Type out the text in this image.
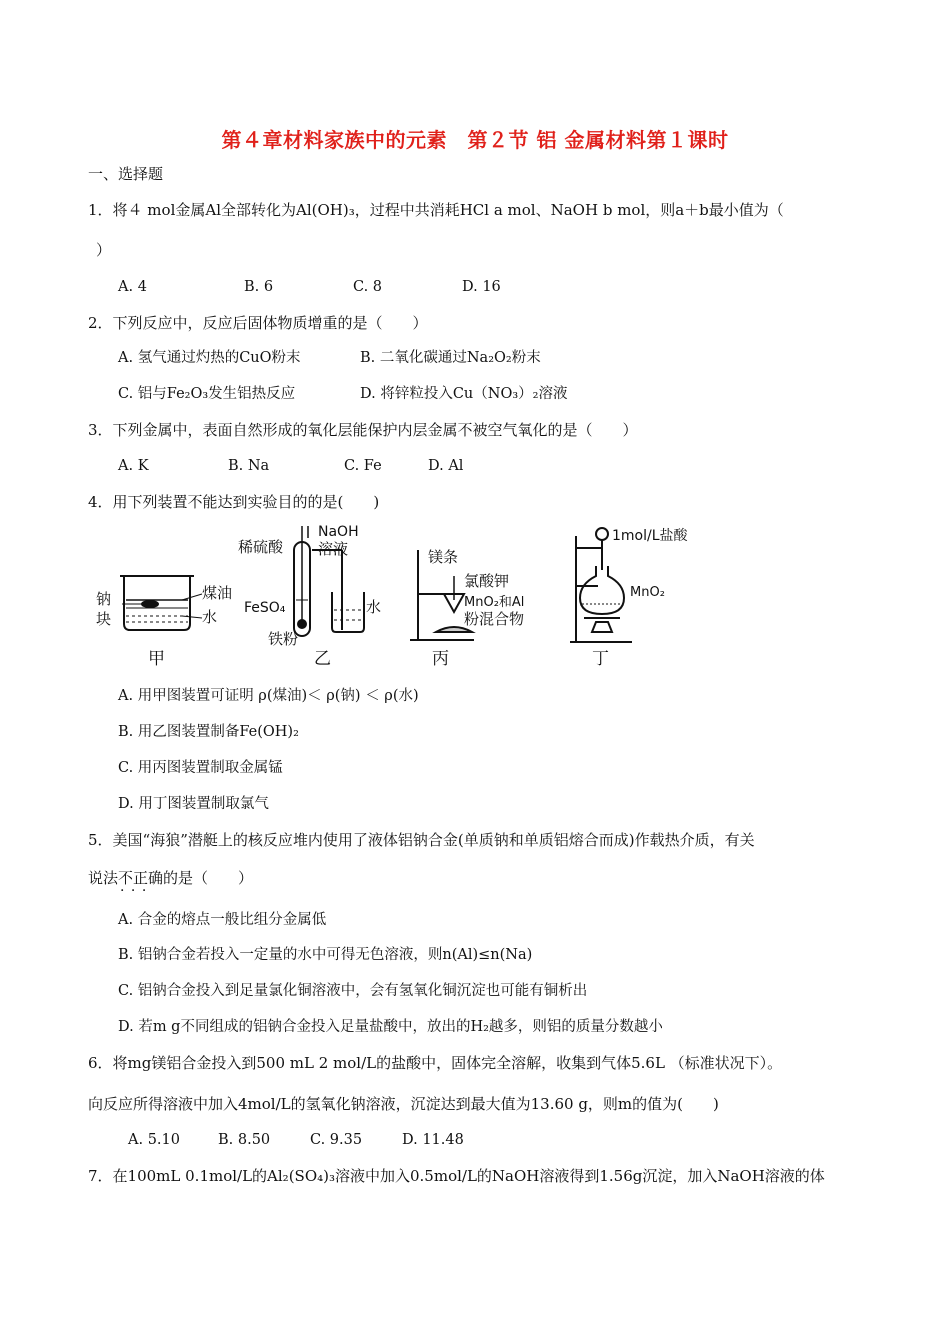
第４章材料家族中的元素　第２节 铝 金属材料第１课时
一、选择题
1．将４ mol金属Al全部转化为Al(OH)₃，过程中共消耗HCl a mol、NaOH b mol，则a＋b最小值为（
）
A. 4	B. 6	C. 8	D. 16
2．下列反应中，反应后固体物质增重的是（　　）
A. 氢气通过灼热的CuO粉末	B. 二氧化碳通过Na₂O₂粉末
C. 铝与Fe₂O₃发生铝热反应	D. 将锌粒投入Cu（NO₃）₂溶液
3．下列金属中，表面自然形成的氧化层能保护内层金属不被空气氧化的是（　　）
A. K	B. Na	C. Fe	D. Al
4．用下列装置不能达到实验目的的是(　　)
钠
块
煤油
水
甲
稀硫酸
NaOH
溶液
FeSO₄	水
铁粉
乙
镁条
氯酸钾
MnO₂和Al
粉混合物
丙
1mol/L盐酸
MnO₂
丁
A. 用甲图装置可证明 ρ(煤油)＜ ρ(钠) ＜ ρ(水)
B. 用乙图装置制备Fe(OH)₂
C. 用丙图装置制取金属锰
D. 用丁图装置制取氯气
5．美国“海狼”潜艇上的核反应堆内使用了液体铝钠合金(单质钠和单质铝熔合而成)作载热介质，有关
说法不正确 · · ·的是（　　）
A. 合金的熔点一般比组分金属低
B. 铝钠合金若投入一定量的水中可得无色溶液，则n(Al)≤n(Na)
C. 铝钠合金投入到足量氯化铜溶液中，会有氢氧化铜沉淀也可能有铜析出
D. 若m g不同组成的铝钠合金投入足量盐酸中，放出的H₂越多，则铝的质量分数越小
6．将mg镁铝合金投入到500 mL 2 mol/L的盐酸中，固体完全溶解，收集到气体5.6L （标准状况下）。
向反应所得溶液中加入4mol/L的氢氧化钠溶液，沉淀达到最大值为13.60 g，则m的值为(　　)
A. 5.10	B. 8.50	C. 9.35	D. 11.48
7．在100mL 0.1mol/L的Al₂(SO₄)₃溶液中加入0.5mol/L的NaOH溶液得到1.56g沉淀，加入NaOH溶液的体
